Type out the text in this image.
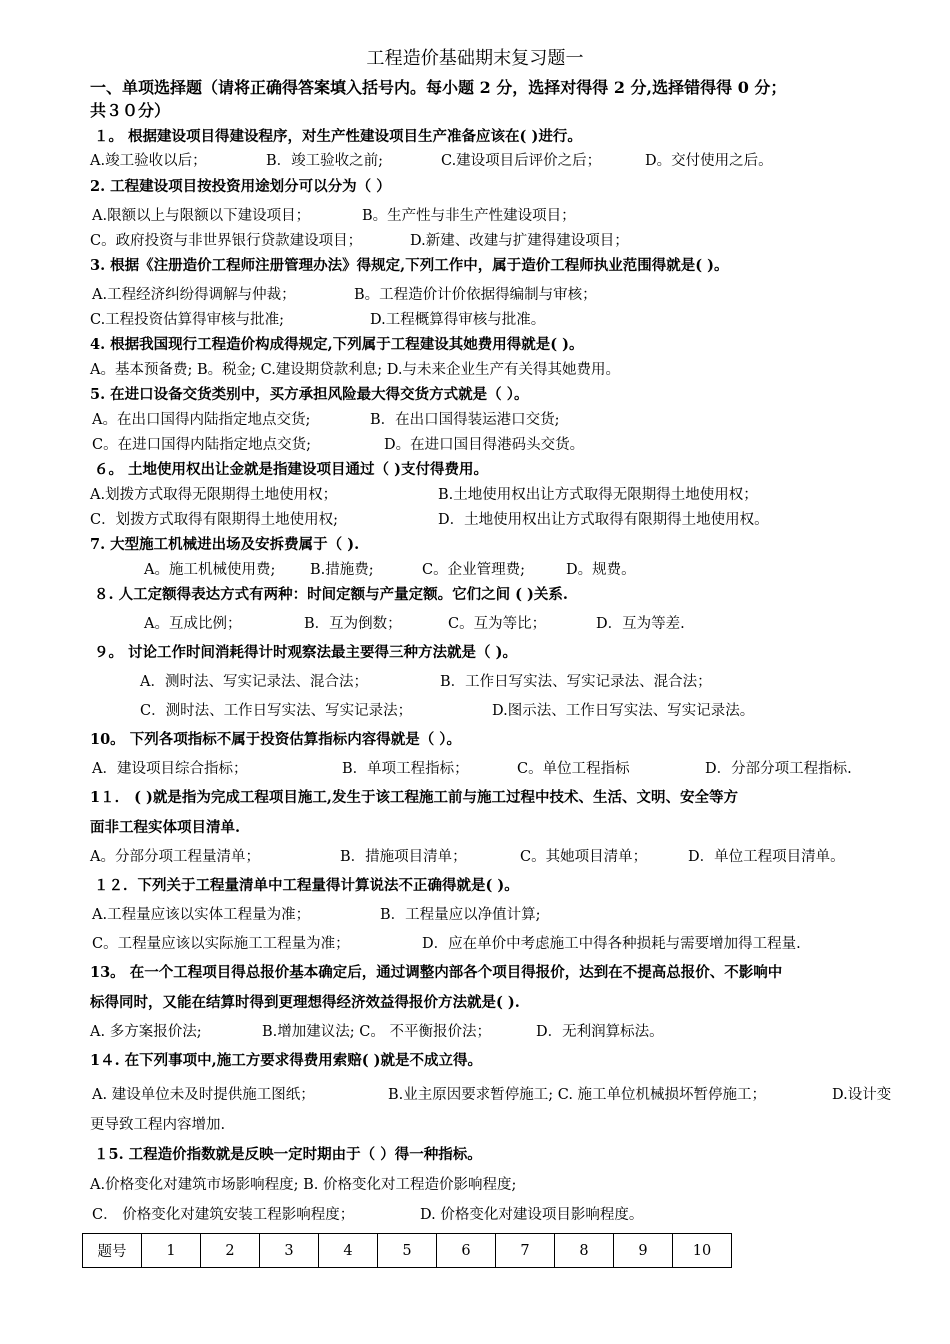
工程造价基础期末复习题一
一、单项选择题（请将正确得答案填入括号内。每小题 2 分，选择对得得 2 分,选择错得得 0 分；
共３０分）
１。 根据建设项目得建设程序，对生产性建设项目生产准备应该在( )进行。
A.竣工验收以后；	B．竣工验收之前;	C.建设项目后评价之后；	D。交付使用之后。
2. 工程建设项目按投资用途划分可以分为（ ）
A.限额以上与限额以下建设项目；	B。生产性与非生产性建设项目；
C。政府投资与非世界银行贷款建设项目；	D.新建、改建与扩建得建设项目；
3. 根据《注册造价工程师注册管理办法》得规定,下列工作中，属于造价工程师执业范围得就是( )。
A.工程经济纠纷得调解与仲裁；	B。工程造价计价依据得编制与审核；
C.工程投资估算得审核与批准;	D.工程概算得审核与批准。
4. 根据我国现行工程造价构成得规定,下列属于工程建设其她费用得就是( )。
A。基本预备费; B。税金; C.建设期贷款利息; D.与未来企业生产有关得其她费用。
5. 在进口设备交货类别中，买方承担风险最大得交货方式就是（ ）。
A。在出口国得内陆指定地点交货;	B．在出口国得装运港口交货;
C。在进口国得内陆指定地点交货;	D。在进口国目得港码头交货。
６。 土地使用权出让金就是指建设项目通过（ )支付得费用。
A.划拨方式取得无限期得土地使用权；	B.土地使用权出让方式取得无限期得土地使用权；
C．划拨方式取得有限期得土地使用权;	D．土地使用权出让方式取得有限期得土地使用权。
7. 大型施工机械进出场及安拆费属于（ ).
A。施工机械使用费; B.措施费;	C。企业管理费;	D。规费。
８. 人工定额得表达方式有两种：时间定额与产量定额。它们之间 ( )关系.
A。互成比例；	B．互为倒数；	C。互为等比；	D．互为等差.
９。 讨论工作时间消耗得计时观察法最主要得三种方法就是（ )。
A．测时法、写实记录法、混合法；	B．工作日写实法、写实记录法、混合法；
C．测时法、工作日写实法、写实记录法；	D.图示法、工作日写实法、写实记录法。
10。 下列各项指标不属于投资估算指标内容得就是（ ）。
A．建设项目综合指标；	B．单项工程指标；	C。单位工程指标	D．分部分项工程指标.
1１． ( )就是指为完成工程项目施工,发生于该工程施工前与施工过程中技术、生活、文明、安全等方
面非工程实体项目清单.
A。分部分项工程量清单；	B．措施项目清单；	C。其她项目清单；	D．单位工程项目清单。
１２．下列关于工程量清单中工程量得计算说法不正确得就是( )。
A.工程量应该以实体工程量为准；	B．工程量应以净值计算;
C。工程量应该以实际施工工程量为准；	D．应在单价中考虑施工中得各种损耗与需要增加得工程量.
13。 在一个工程项目得总报价基本确定后，通过调整内部各个项目得报价，达到在不提高总报价、不影响中
标得同时，又能在结算时得到更理想得经济效益得报价方法就是( ).
A. 多方案报价法;	B.增加建议法; C。 不平衡报价法；	D．无利润算标法。
1４. 在下列事项中,施工方要求得费用索赔( )就是不成立得。
A. 建设单位未及时提供施工图纸；	B.业主原因要求暂停施工; C. 施工单位机械损坏暂停施工；	D.设计变
更导致工程内容增加.
１5. 工程造价指数就是反映一定时期由于（ ）得一种指标。
A.价格变化对建筑市场影响程度; B. 价格变化对工程造价影响程度;
C． 价格变化对建筑安装工程影响程度；	D. 价格变化对建设项目影响程度。
题号	1	2	3	4	5	6	7	8	9	10
